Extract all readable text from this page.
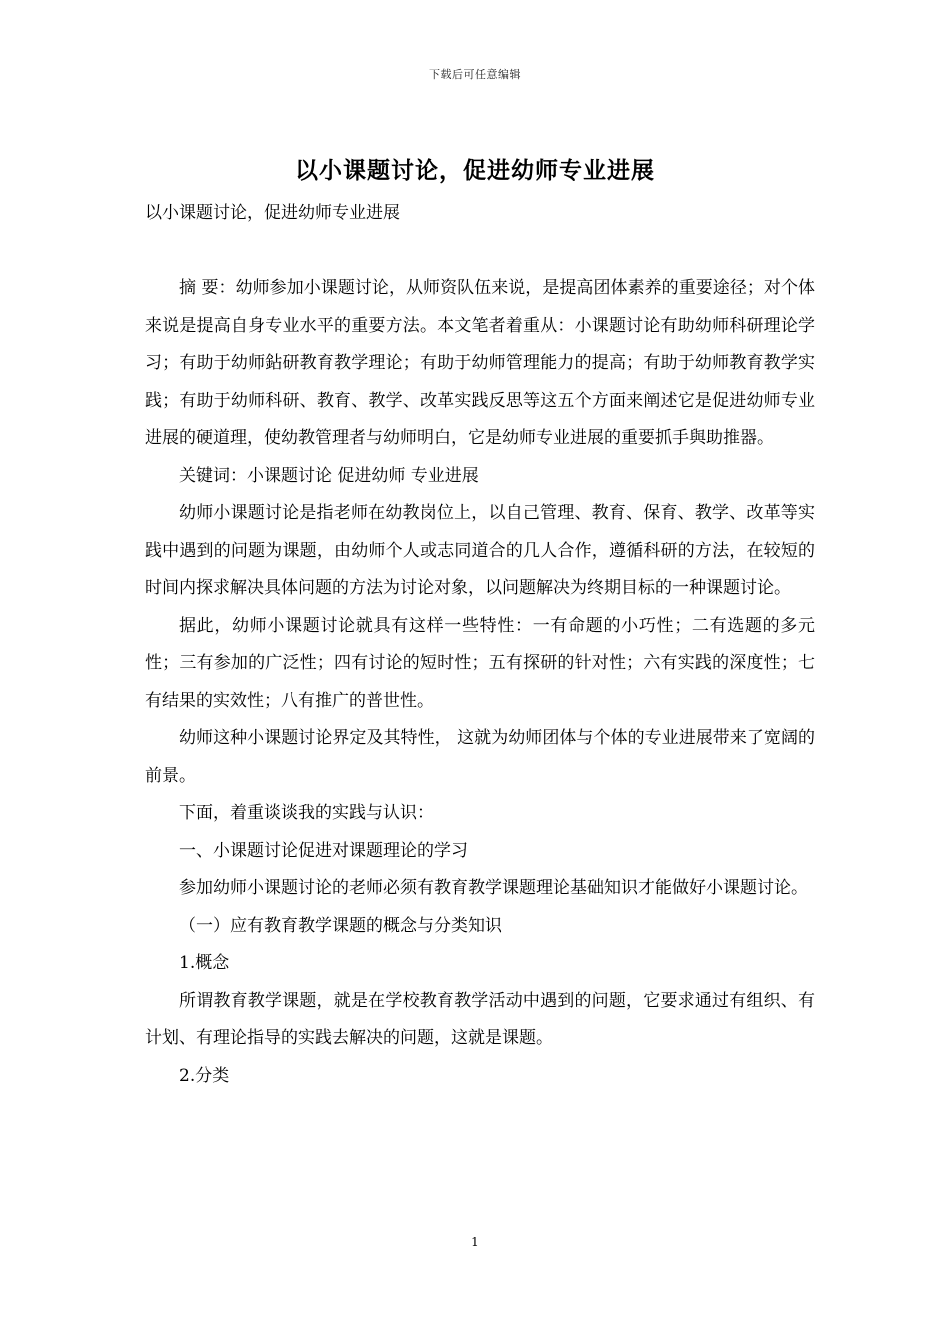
下载后可任意编辑
以小课题讨论，促进幼师专业进展

以小课题讨论，促进幼师专业进展

摘 要：幼师参加小课题讨论，从师资队伍来说，是提高团体素养的重要途径；对个体来说是提高自身专业水平的重要方法。本文笔者着重从：小课题讨论有助幼师科研理论学习；有助于幼师鉆研教育教学理论；有助于幼师管理能力的提高；有助于幼师教育教学实践；有助于幼师科研、教育、教学、改革实践反思等这五个方面来阐述它是促进幼师专业进展的硬道理，使幼教管理者与幼师明白，它是幼师专业进展的重要抓手與助推器。

关键词：小课题讨论 促进幼师 专业进展

幼师小课题讨论是指老师在幼教岗位上，以自己管理、教育、保育、教学、改革等实践中遇到的问题为课题，由幼师个人或志同道合的几人合作，遵循科研的方法，在较短的时间内探求解决具体问题的方法为讨论对象，以问题解决为终期目标的一种课题讨论。

据此，幼师小课题讨论就具有这样一些特性：一有命题的小巧性；二有选题的多元性；三有参加的广泛性；四有讨论的短时性；五有探研的针对性；六有实践的深度性；七有结果的实效性；八有推广的普世性。

幼师这种小课题讨论界定及其特性， 这就为幼师团体与个体的专业进展带来了宽阔的前景。

下面，着重谈谈我的实践与认识：

一、小课题讨论促进对课题理论的学习

参加幼师小课题讨论的老师必须有教育教学课题理论基础知识才能做好小课题讨论。

（一）应有教育教学课题的概念与分类知识

1.概念

所谓教育教学课题，就是在学校教育教学活动中遇到的问题，它要求通过有组织、有计划、有理论指导的实践去解决的问题，这就是课题。

2.分类

1
